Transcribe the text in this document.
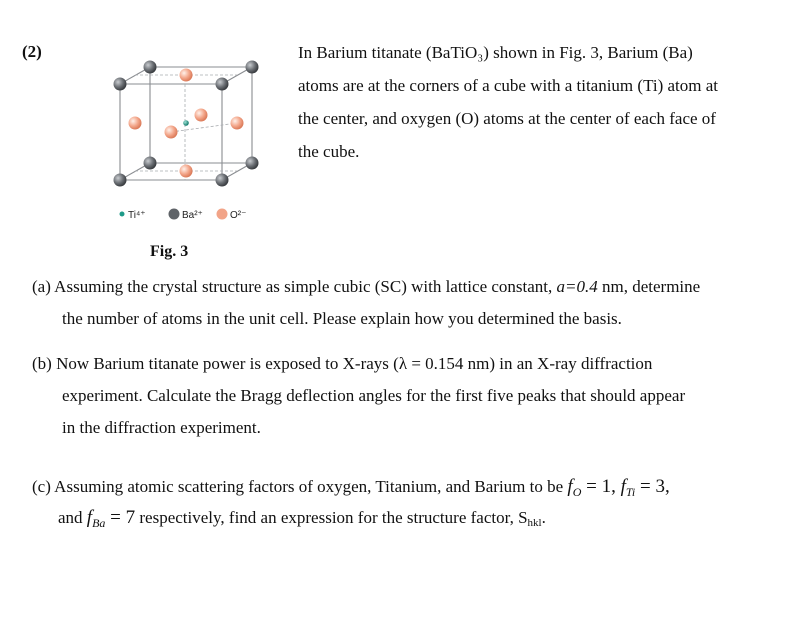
(2)	In Barium titanate (BaTiO₃) shown in Fig. 3, Barium (Ba)
atoms are at the corners of a cube with a titanium (Ti) atom at
the center, and oxygen (O) atoms at the center of each face of
the cube.
Ti⁴⁺	Ba²⁺	O²⁻
Fig. 3
(a) Assuming the crystal structure as simple cubic (SC) with lattice constant, a=0.4 nm, determine
the number of atoms in the unit cell. Please explain how you determined the basis.
(b) Now Barium titanate power is exposed to X-rays (λ = 0.154 nm) in an X-ray diffraction
experiment. Calculate the Bragg deflection angles for the first five peaks that should appear
in the diffraction experiment.
(c) Assuming atomic scattering factors of oxygen, Titanium, and Barium to be $f_O = 1$, $f_{Ti} = 3$,
and $f_{Ba} = 7$ respectively, find an expression for the structure factor, $S_{hkl}$.
